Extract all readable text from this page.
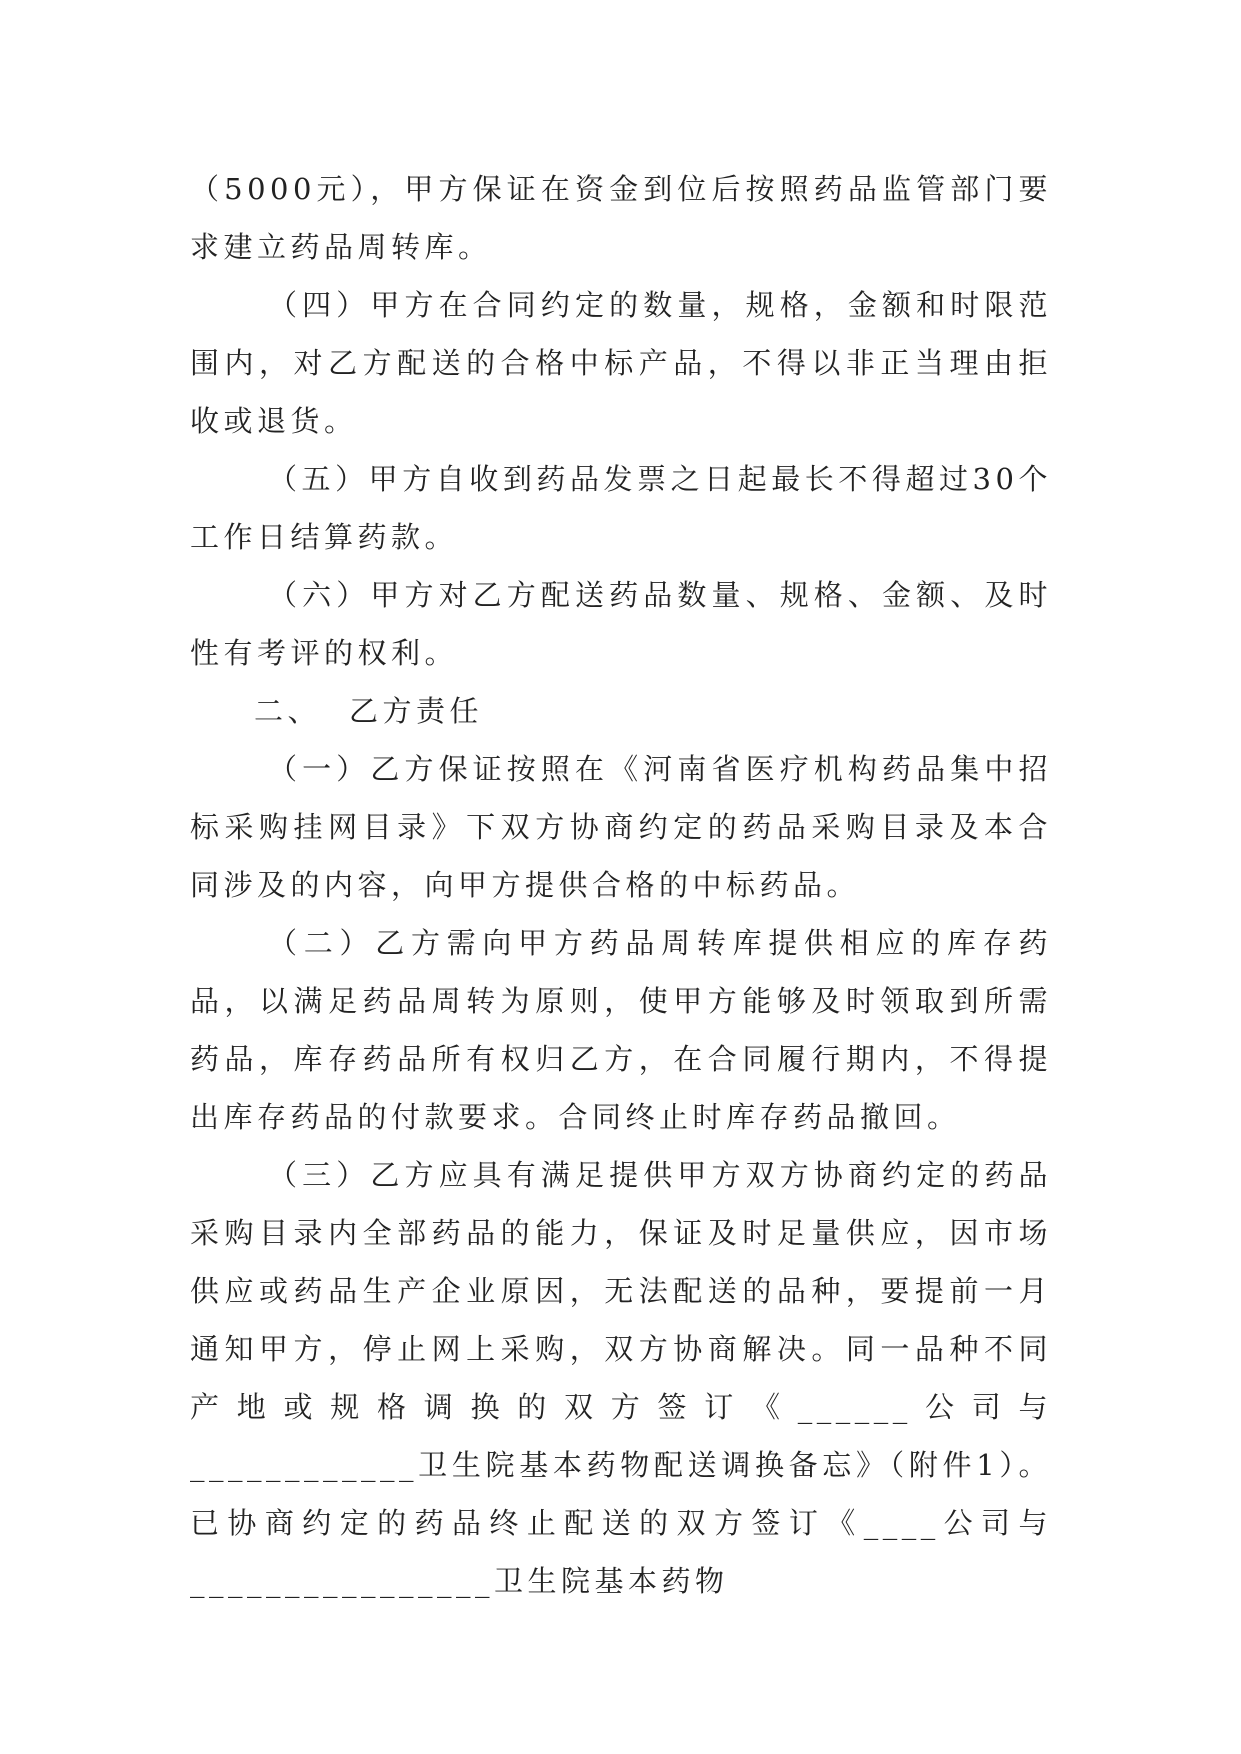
（5000元），甲方保证在资金到位后按照药品监管部门要求建立药品周转库。

（四）甲方在合同约定的数量，规格，金额和时限范围内，对乙方配送的合格中标产品，不得以非正当理由拒收或退货。

（五）甲方自收到药品发票之日起最长不得超过30个工作日结算药款。

（六）甲方对乙方配送药品数量、规格、金额、及时性有考评的权利。

二、 乙方责任

（一）乙方保证按照在《河南省医疗机构药品集中招标采购挂网目录》下双方协商约定的药品采购目录及本合同涉及的内容，向甲方提供合格的中标药品。

（二）乙方需向甲方药品周转库提供相应的库存药品，以满足药品周转为原则，使甲方能够及时领取到所需药品，库存药品所有权归乙方，在合同履行期内，不得提出库存药品的付款要求。合同终止时库存药品撤回。

（三）乙方应具有满足提供甲方双方协商约定的药品采购目录内全部药品的能力，保证及时足量供应，因市场供应或药品生产企业原因，无法配送的品种，要提前一月通知甲方，停止网上采购，双方协商解决。同一品种不同产地或规格调换的双方签订《______公司与____________卫生院基本药物配送调换备忘》（附件1）。已协商约定的药品终止配送的双方签订《____公司与________________卫生院基本药物
